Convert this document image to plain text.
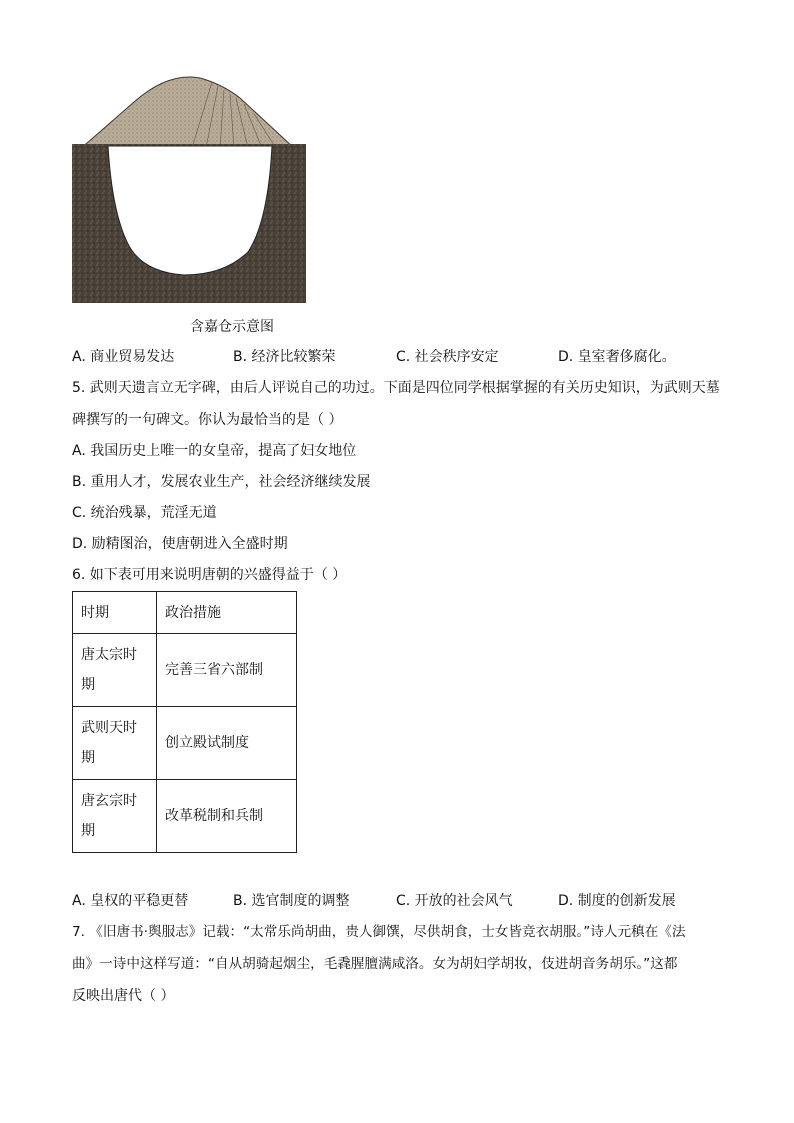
含嘉仓示意图
A. 商业贸易发达	B. 经济比较繁荣	C. 社会秩序安定	D. 皇室奢侈腐化。
5. 武则天遗言立无字碑，由后人评说自己的功过。下面是四位同学根据掌握的有关历史知识，为武则天墓
碑撰写的一句碑文。你认为最恰当的是（ ）
A. 我国历史上唯一的女皇帝，提高了妇女地位
B. 重用人才，发展农业生产，社会经济继续发展
C. 统治残暴，荒淫无道
D. 励精图治，使唐朝进入全盛时期
6. 如下表可用来说明唐朝的兴盛得益于（ ）
时期	政治措施

唐太宗时
期	完善三省六部制

武则天时
期	创立殿试制度

唐玄宗时
期	改革税制和兵制
A. 皇权的平稳更替	B. 选官制度的调整	C. 开放的社会风气	D. 制度的创新发展
7. 《旧唐书·舆服志》记载：“太常乐尚胡曲，贵人御馔，尽供胡食，士女皆竞衣胡服。”诗人元稹在《法
曲》一诗中这样写道：“自从胡骑起烟尘，毛毳腥膻满咸洛。女为胡妇学胡妆，伎进胡音务胡乐。”这都
反映出唐代（ ）
